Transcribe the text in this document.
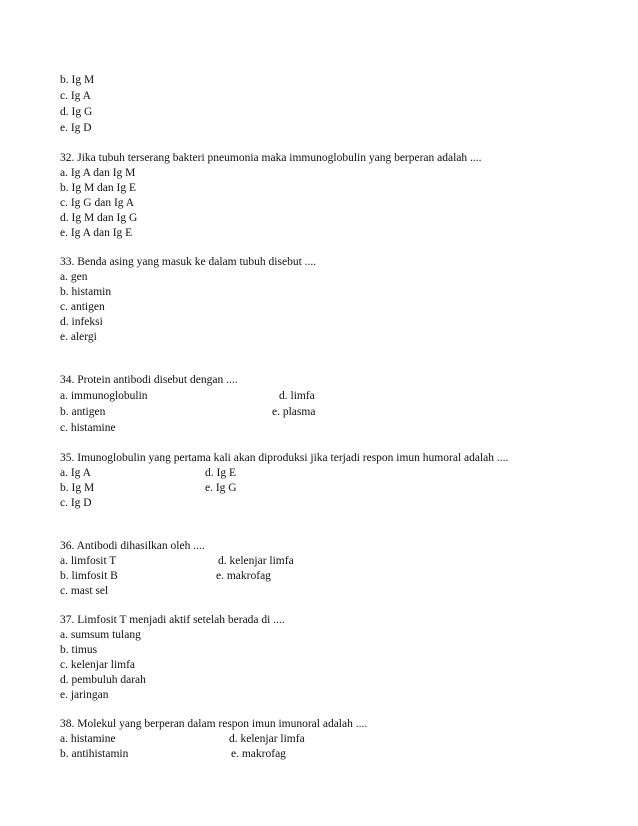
b. Ig M
c. Ig A
d. Ig G
e. Ig D
32. Jika tubuh terserang bakteri pneumonia maka immunoglobulin yang berperan adalah ....
a. Ig A dan Ig M
b. Ig M dan Ig E
c. Ig G dan Ig A
d. Ig M dan Ig G
e. Ig A dan Ig E
33. Benda asing yang masuk ke dalam tubuh disebut ....
a. gen
b. histamin
c. antigen
d. infeksi
e. alergi
34. Protein antibodi disebut dengan ....
a. immunoglobulin
b. antigen
c. histamine
d. limfa
e. plasma
35. Imunoglobulin yang pertama kali akan diproduksi jika terjadi respon imun humoral adalah ....
a. Ig A
b. Ig M
c. Ig D
d. Ig E
e. Ig G
36. Antibodi dihasilkan oleh ....
a. limfosit T
b. limfosit B
c. mast sel
d. kelenjar limfa
e. makrofag
37. Limfosit T menjadi aktif setelah berada di ....
a. sumsum tulang
b. timus
c. kelenjar limfa
d. pembuluh darah
e. jaringan
38. Molekul yang berperan dalam respon imun imunoral adalah ....
a. histamine
b. antihistamin
d. kelenjar limfa
e. makrofag
